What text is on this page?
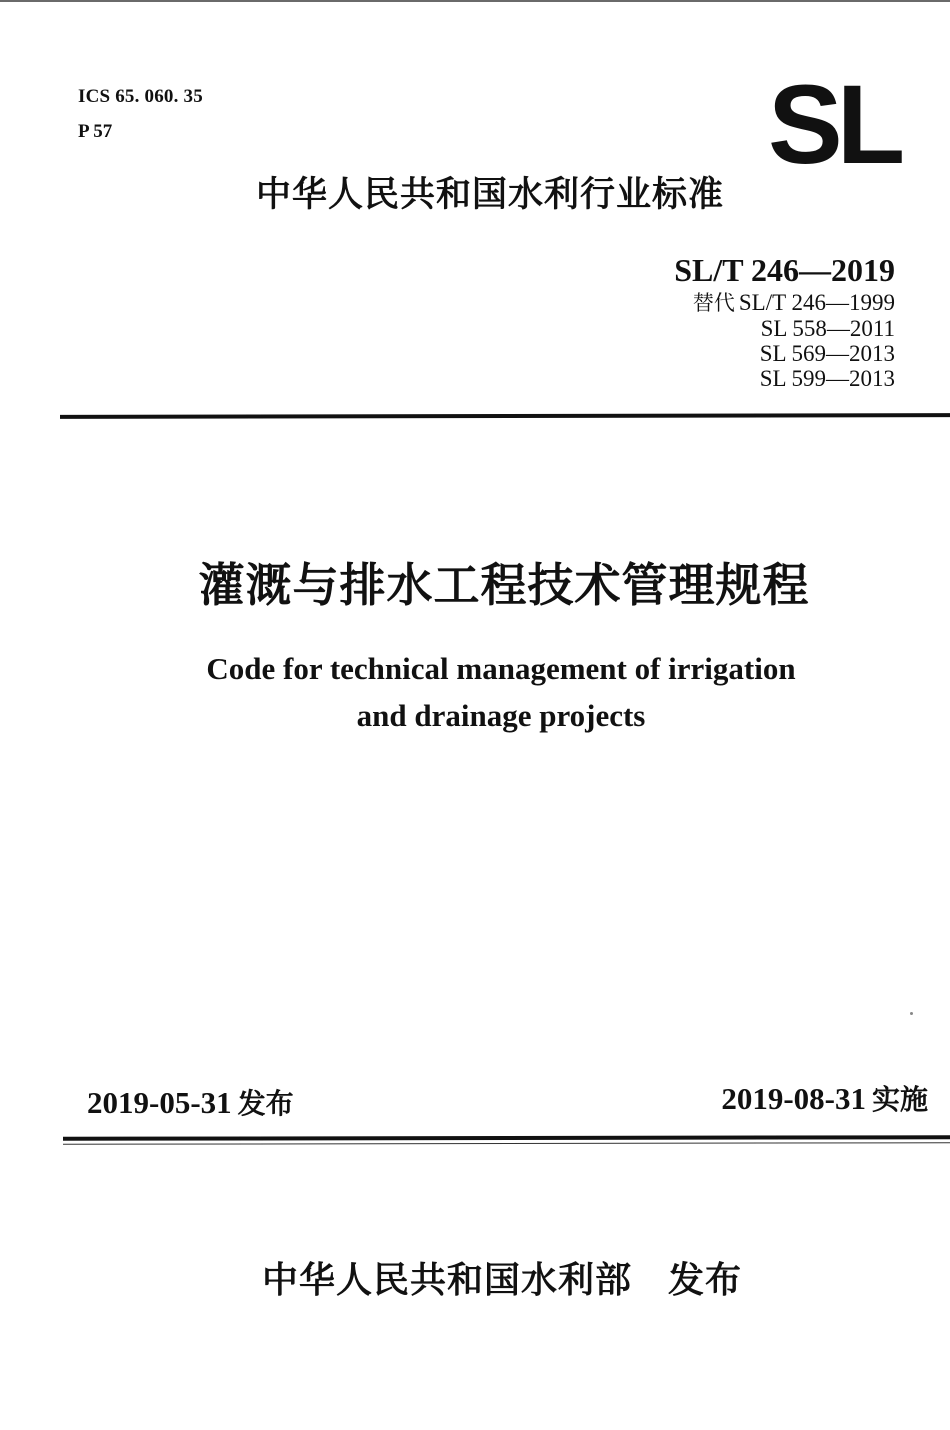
ICS 65. 060. 35
P 57	SL
中华人民共和国水利行业标准
SL/T 246—2019
替代 SL/T 246—1999
SL 558—2011
SL 569—2013
SL 599—2013
灌溉与排水工程技术管理规程
Code for technical management of irrigation
and drainage projects
2019-05-31 发布	2019-08-31 实施
中华人民共和国水利部 发布
